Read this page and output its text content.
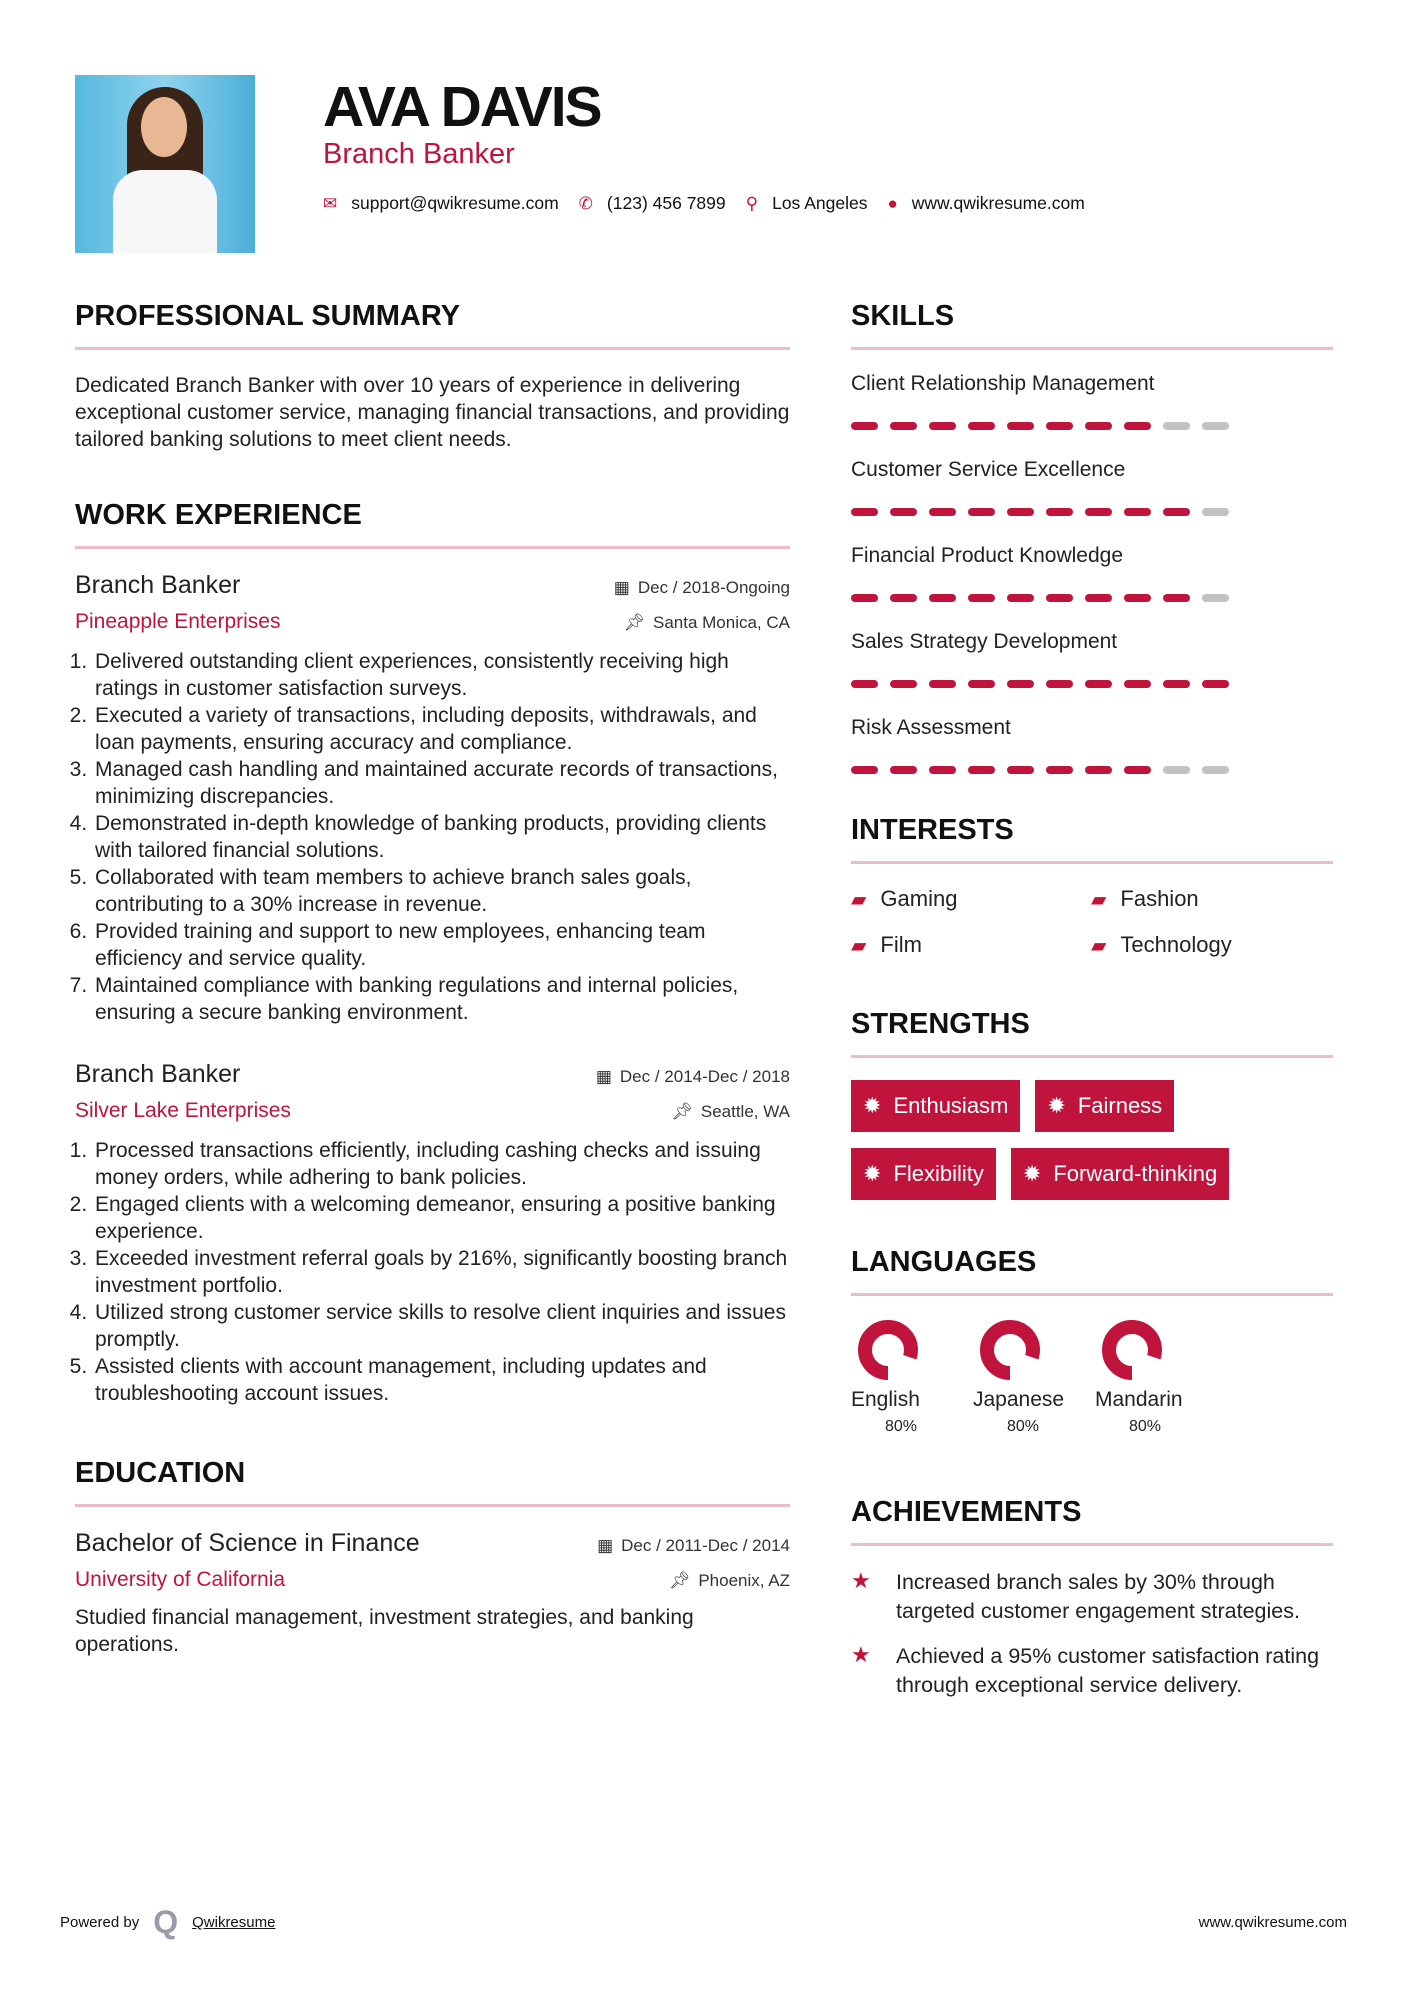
AVA DAVIS
Branch Banker
✉ support@qwikresume.com ✆ (123) 456 7899 ⚲ Los Angeles ● www.qwikresume.com
PROFESSIONAL SUMMARY

Dedicated Branch Banker with over 10 years of experience in delivering exceptional customer service, managing financial transactions, and providing tailored banking solutions to meet client needs.

WORK EXPERIENCE
Branch Banker	▦ Dec / 2018-Ongoing
Pineapple Enterprises	📌︎ Santa Monica, CA
1. Delivered outstanding client experiences, consistently receiving high ratings in customer satisfaction surveys.
2. Executed a variety of transactions, including deposits, withdrawals, and loan payments, ensuring accuracy and compliance.
3. Managed cash handling and maintained accurate records of transactions, minimizing discrepancies.
4. Demonstrated in-depth knowledge of banking products, providing clients with tailored financial solutions.
5. Collaborated with team members to achieve branch sales goals, contributing to a 30% increase in revenue.
6. Provided training and support to new employees, enhancing team efficiency and service quality.
7. Maintained compliance with banking regulations and internal policies, ensuring a secure banking environment.
Branch Banker	▦ Dec / 2014-Dec / 2018
Silver Lake Enterprises	📌︎ Seattle, WA
1. Processed transactions efficiently, including cashing checks and issuing money orders, while adhering to bank policies.
2. Engaged clients with a welcoming demeanor, ensuring a positive banking experience.
3. Exceeded investment referral goals by 216%, significantly boosting branch investment portfolio.
4. Utilized strong customer service skills to resolve client inquiries and issues promptly.
5. Assisted clients with account management, including updates and troubleshooting account issues.
EDUCATION
Bachelor of Science in Finance	▦ Dec / 2011-Dec / 2014
University of California	📌︎ Phoenix, AZ

Studied financial management, investment strategies, and banking operations.

SKILLS
Client Relationship Management
Customer Service Excellence
Financial Product Knowledge
Sales Strategy Development
Risk Assessment
INTERESTS
▰ Gaming	▰ Fashion
▰ Film	▰ Technology
STRENGTHS
✹ Enthusiasm ✹ Fairness
✹ Flexibility ✹ Forward-thinking
LANGUAGES
English
80%
Japanese
80%
Mandarin
80%
ACHIEVEMENTS
★	Increased branch sales by 30% through targeted customer engagement strategies.
★	Achieved a 95% customer satisfaction rating through exceptional service delivery.
Powered by Q Qwikresume	www.qwikresume.com
